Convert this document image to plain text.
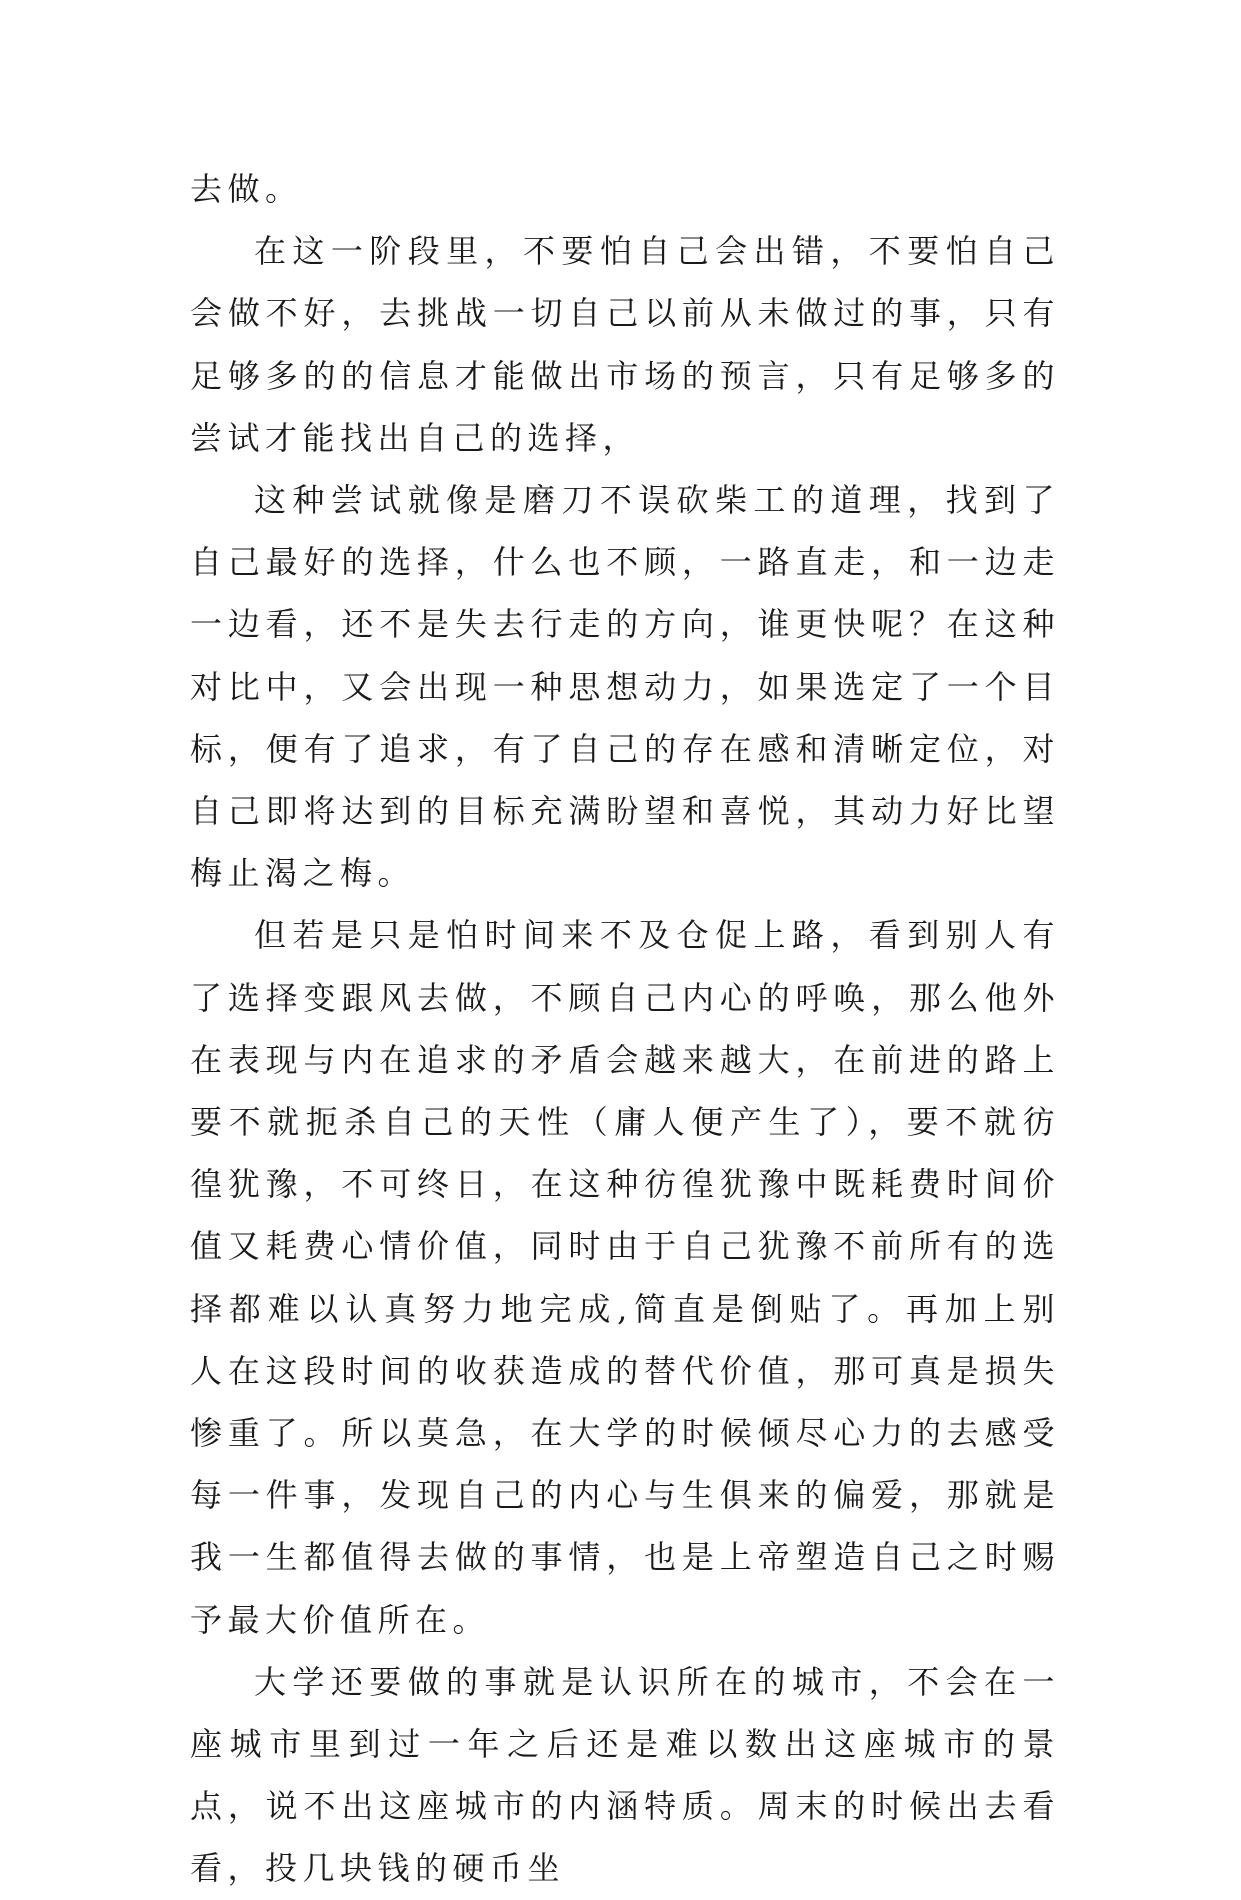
去做。

在这一阶段里，不要怕自己会出错，不要怕自己会做不好，去挑战一切自己以前从未做过的事，只有足够多的的信息才能做出市场的预言，只有足够多的尝试才能找出自己的选择，

这种尝试就像是磨刀不误砍柴工的道理，找到了自己最好的选择，什么也不顾，一路直走，和一边走一边看，还不是失去行走的方向，谁更快呢？在这种对比中，又会出现一种思想动力，如果选定了一个目标，便有了追求，有了自己的存在感和清晰定位，对自己即将达到的目标充满盼望和喜悦，其动力好比望梅止渴之梅。

但若是只是怕时间来不及仓促上路，看到别人有了选择变跟风去做，不顾自己内心的呼唤，那么他外在表现与内在追求的矛盾会越来越大，在前进的路上要不就扼杀自己的天性（庸人便产生了），要不就彷徨犹豫，不可终日，在这种彷徨犹豫中既耗费时间价值又耗费心情价值，同时由于自己犹豫不前所有的选择都难以认真努力地完成,简直是倒贴了。再加上别人在这段时间的收获造成的替代价值，那可真是损失惨重了。所以莫急，在大学的时候倾尽心力的去感受每一件事，发现自己的内心与生俱来的偏爱，那就是我一生都值得去做的事情，也是上帝塑造自己之时赐予最大价值所在。

大学还要做的事就是认识所在的城市，不会在一座城市里到过一年之后还是难以数出这座城市的景点，说不出这座城市的内涵特质。周末的时候出去看看，投几块钱的硬币坐
